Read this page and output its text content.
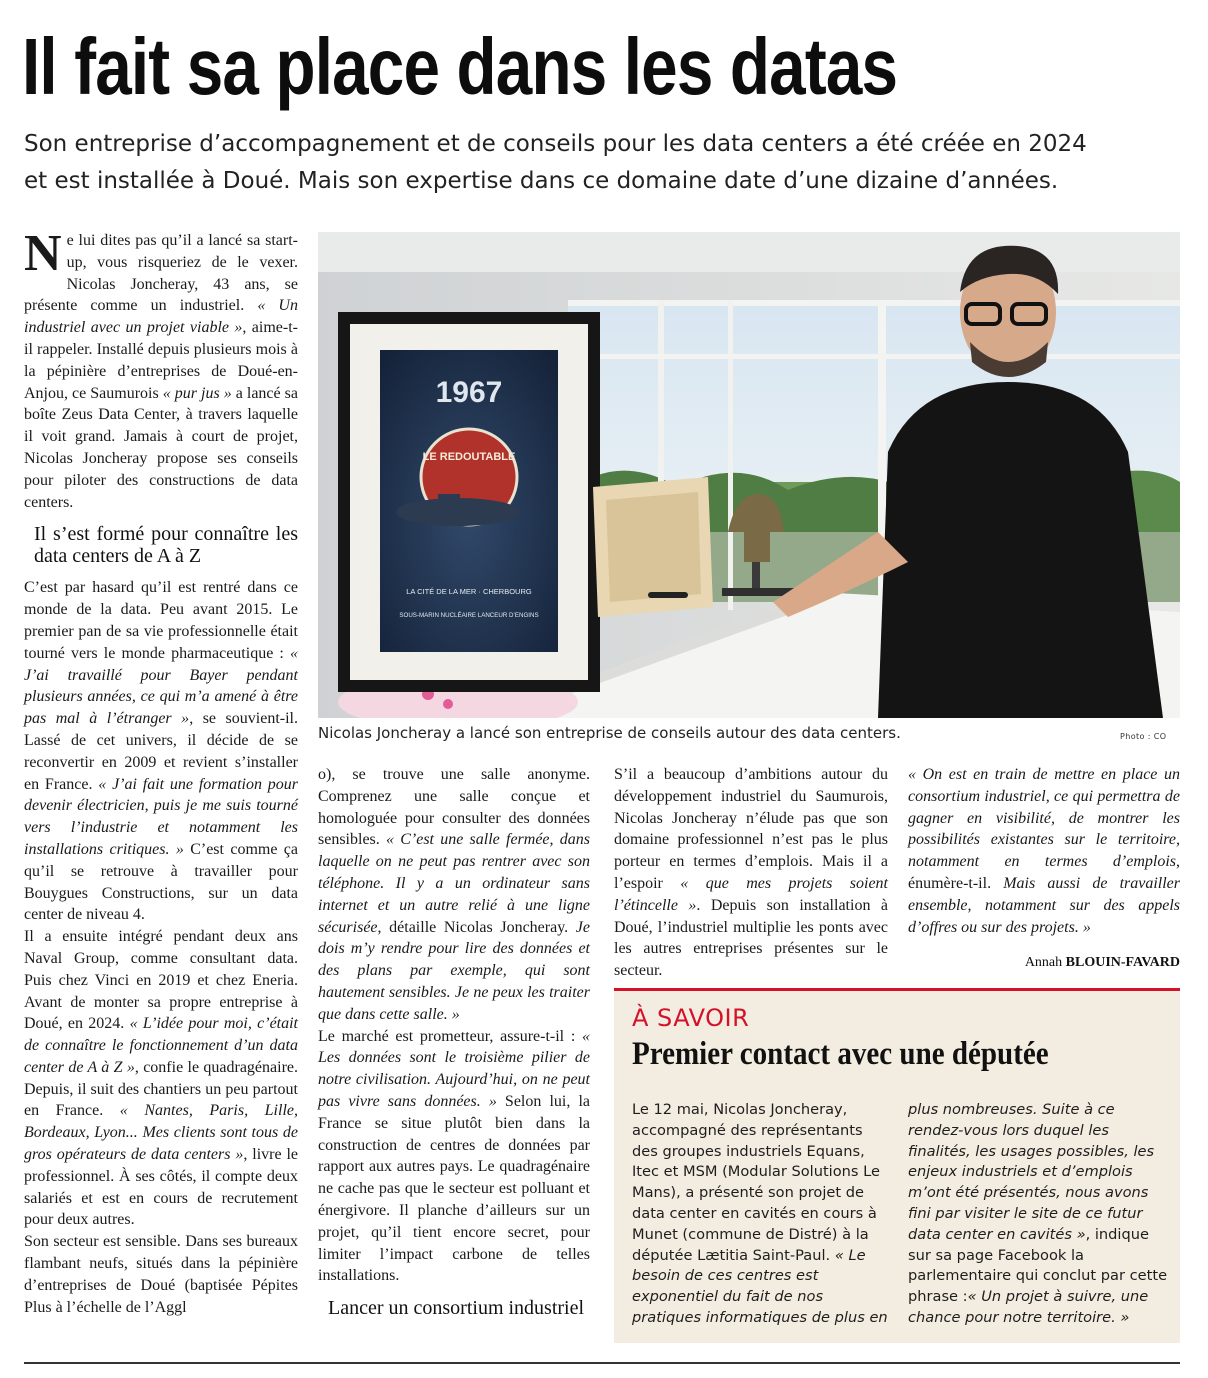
Il fait sa place dans les datas
Son entreprise d’accompagnement et de conseils pour les data centers a été créée en 2024
et est installée à Doué. Mais son expertise dans ce domaine date d’une dizaine d’années.
1967
LE REDOUTABLE
LA CITÉ DE LA MER · CHERBOURG
SOUS-MARIN NUCLÉAIRE LANCEUR D’ENGINS
Nicolas Joncheray a lancé son entreprise de conseils autour des data centers.	Photo : CO

Ne lui dites pas qu’il a lancé sa start-up, vous risqueriez de le vexer. Nicolas Joncheray, 43 ans, se présente comme un industriel. « Un industriel avec un projet viable », aime-t-il rappeler. Installé depuis plusieurs mois à la pépinière d’entreprises de Doué-en-Anjou, ce Saumurois « pur jus » a lancé sa boîte Zeus Data Center, à travers laquelle il voit grand. Jamais à court de projet, Nicolas Joncheray propose ses conseils pour piloter des constructions de data centers.

Il s’est formé pour connaître les data centers de A à Z

C’est par hasard qu’il est rentré dans ce monde de la data. Peu avant 2015. Le premier pan de sa vie professionnelle était tourné vers le monde pharmaceutique : « J’ai travaillé pour Bayer pendant plusieurs années, ce qui m’a amené à être pas mal à l’étranger », se souvient-il. Lassé de cet univers, il décide de se reconvertir en 2009 et revient s’installer en France. « J’ai fait une formation pour devenir électricien, puis je me suis tourné vers l’industrie et notamment les installations critiques. » C’est comme ça qu’il se retrouve à travailler pour Bouygues Constructions, sur un data center de niveau 4.

Il a ensuite intégré pendant deux ans Naval Group, comme consultant data. Puis chez Vinci en 2019 et chez Eneria. Avant de monter sa propre entreprise à Doué, en 2024. « L’idée pour moi, c’était de connaître le fonctionnement d’un data center de A à Z », confie le quadragénaire. Depuis, il suit des chantiers un peu partout en France. « Nantes, Paris, Lille, Bordeaux, Lyon... Mes clients sont tous de gros opérateurs de data centers », livre le professionnel. À ses côtés, il compte deux salariés et est en cours de recrutement pour deux autres.

Son secteur est sensible. Dans ses bureaux flambant neufs, situés dans la pépinière d’entreprises de Doué (baptisée Pépites Plus à l’échelle de l’Aggl

o), se trouve une salle anonyme. Comprenez une salle conçue et homologuée pour consulter des données sensibles. « C’est une salle fermée, dans laquelle on ne peut pas rentrer avec son téléphone. Il y a un ordinateur sans internet et un autre relié à une ligne sécurisée, détaille Nicolas Joncheray. Je dois m’y rendre pour lire des données et des plans par exemple, qui sont hautement sensibles. Je ne peux les traiter que dans cette salle. »

Le marché est prometteur, assure-t-il : « Les données sont le troisième pilier de notre civilisation. Aujourd’hui, on ne peut pas vivre sans données. » Selon lui, la France se situe plutôt bien dans la construction de centres de données par rapport aux autres pays. Le quadragénaire ne cache pas que le secteur est polluant et énergivore. Il planche d’ailleurs sur un projet, qu’il tient encore secret, pour limiter l’impact carbone de telles installations.

Lancer un consortium industriel

S’il a beaucoup d’ambitions autour du développement industriel du Saumurois, Nicolas Joncheray n’élude pas que son domaine professionnel n’est pas le plus porteur en termes d’emplois. Mais il a l’espoir « que mes projets soient l’étincelle ». Depuis son installation à Doué, l’industriel multiplie les ponts avec les autres entreprises présentes sur le secteur.

« On est en train de mettre en place un consortium industriel, ce qui permettra de gagner en visibilité, de montrer les possibilités existantes sur le territoire, notamment en termes d’emplois, énumère-t-il. Mais aussi de travailler ensemble, notamment sur des appels d’offres ou sur des projets. »

Annah BLOUIN-FAVARD
À SAVOIR
Premier contact avec une députée

Le 12 mai, Nicolas Joncheray, accompagné des représentants des groupes industriels Equans, Itec et MSM (Modular Solutions Le Mans), a présenté son projet de data center en cavités en cours à Munet (commune de Distré) à la députée Lætitia Saint-Paul. « Le besoin de ces centres est exponentiel du fait de nos pratiques informatiques de plus en

plus nombreuses. Suite à ce rendez-vous lors duquel les finalités, les usages possibles, les enjeux industriels et d’emplois m’ont été présentés, nous avons fini par visiter le site de ce futur data center en cavités », indique sur sa page Facebook la parlementaire qui conclut par cette phrase :« Un projet à suivre, une chance pour notre territoire. »
